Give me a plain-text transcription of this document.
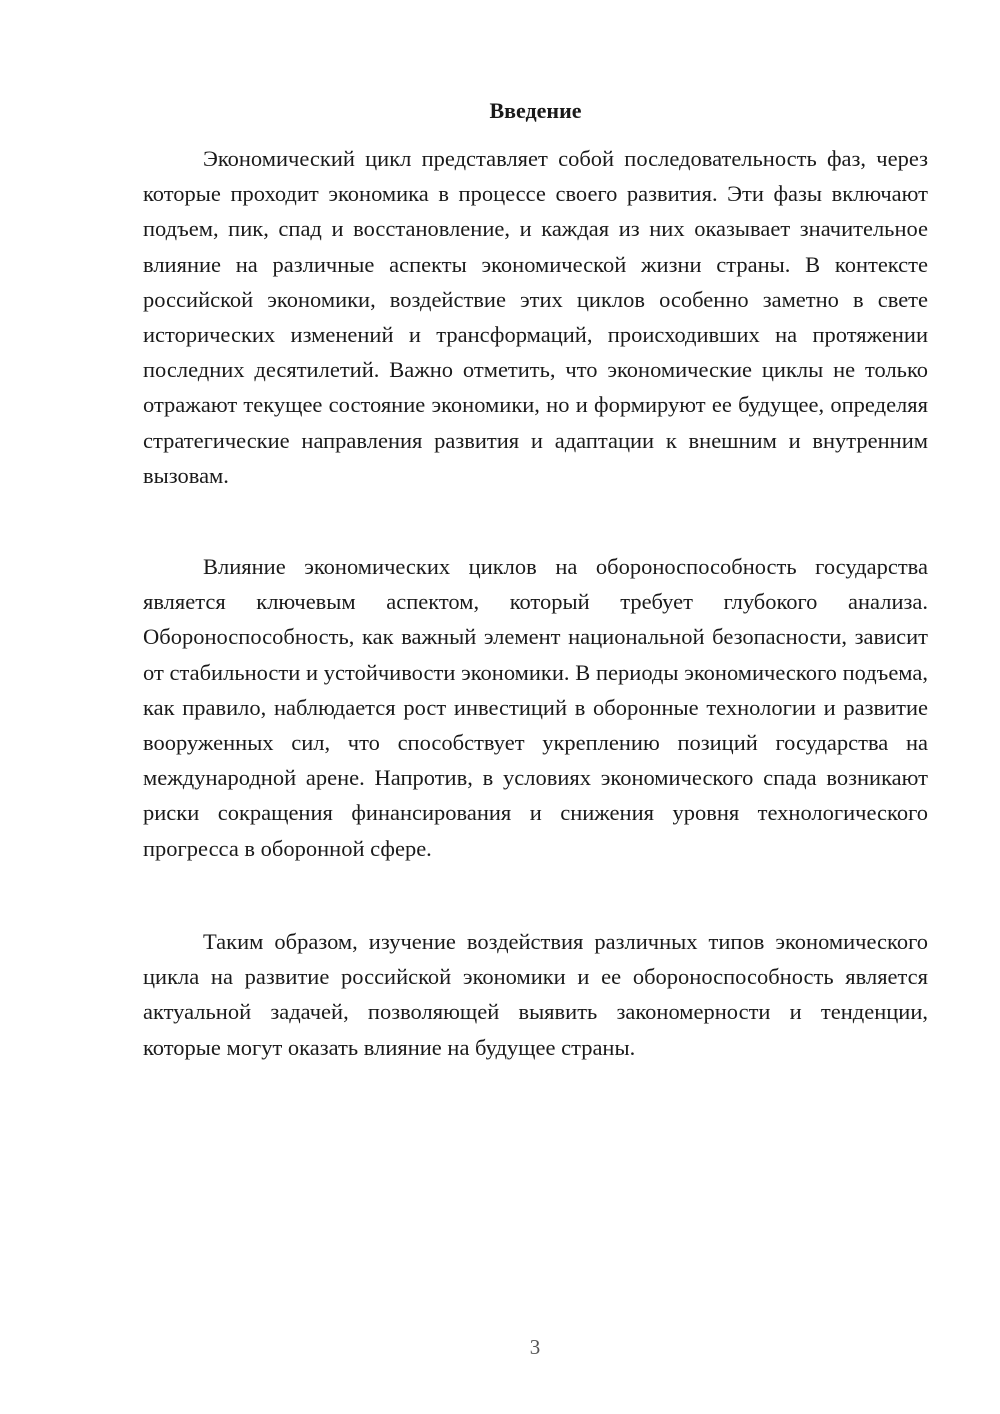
Введение

Экономический цикл представляет собой последовательность фаз, через которые проходит экономика в процессе своего развития. Эти фазы включают подъем, пик, спад и восстановление, и каждая из них оказывает значительное влияние на различные аспекты экономической жизни страны. В контексте российской экономики, воздействие этих циклов особенно заметно в свете исторических изменений и трансформаций, происходивших на протяжении последних десятилетий. Важно отметить, что экономические циклы не только отражают текущее состояние экономики, но и формируют ее будущее, определяя стратегические направления развития и адаптации к внешним и внутренним вызовам.

Влияние экономических циклов на обороноспособность государства является ключевым аспектом, который требует глубокого анализа. Обороноспособность, как важный элемент национальной безопасности, зависит от стабильности и устойчивости экономики. В периоды экономического подъема, как правило, наблюдается рост инвестиций в оборонные технологии и развитие вооруженных сил, что способствует укреплению позиций государства на международной арене. Напротив, в условиях экономического спада возникают риски сокращения финансирования и снижения уровня технологического прогресса в оборонной сфере.

Таким образом, изучение воздействия различных типов экономического цикла на развитие российской экономики и ее обороноспособность является актуальной задачей, позволяющей выявить закономерности и тенденции, которые могут оказать влияние на будущее страны.

3
